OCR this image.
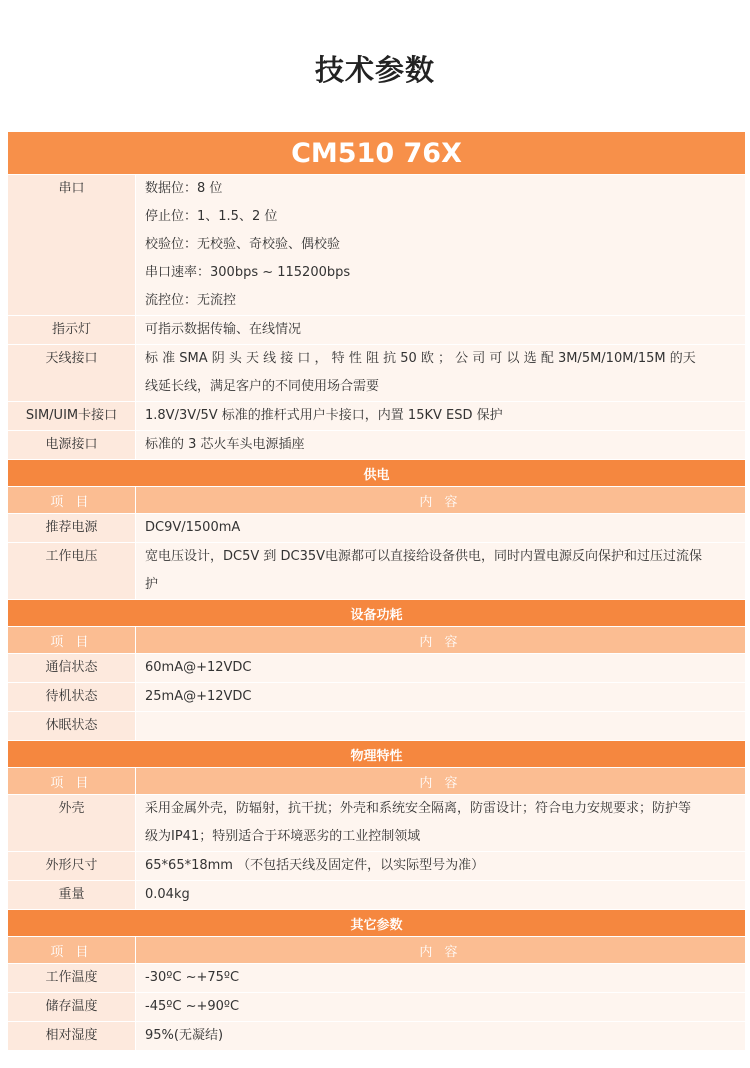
技术参数
CM510 76X	
串口	数据位：8 位
停止位：1、1.5、2 位
校验位：无校验、奇校验、偶校验
串口速率：300bps ~ 115200bps
流控位：无流控

指示灯	可指示数据传输、在线情况

天线接口	标 准 SMA 阴 头 天 线 接 口 ， 特 性 阻 抗 50 欧 ； 公 司 可 以 选 配 3M/5M/10M/15M 的天
线延长线，满足客户的不同使用场合需要

SIM/UIM卡接口	1.8V/3V/5V 标准的推杆式用户卡接口，内置 15KV ESD 保护

电源接口	标准的 3 芯火车头电源插座

供电	
项 目	内 容
推荐电源	DC9V/1500mA

工作电压	宽电压设计，DC5V 到 DC35V电源都可以直接给设备供电，同时内置电源反向保护和过压过流保
护

设备功耗	
项 目	内 容
通信状态	60mA@+12VDC

待机状态	25mA@+12VDC

休眠状态	

物理特性	
项 目	内 容
外壳	采用金属外壳，防辐射，抗干扰；外壳和系统安全隔离，防雷设计；符合电力安规要求；防护等
级为IP41；特别适合于环境恶劣的工业控制领域

外形尺寸	65*65*18mm （不包括天线及固定件，以实际型号为准）

重量	0.04kg

其它参数	
项 目	内 容
工作温度	-30ºC ~+75ºC

储存温度	-45ºC ~+90ºC

相对湿度	95%(无凝结)
